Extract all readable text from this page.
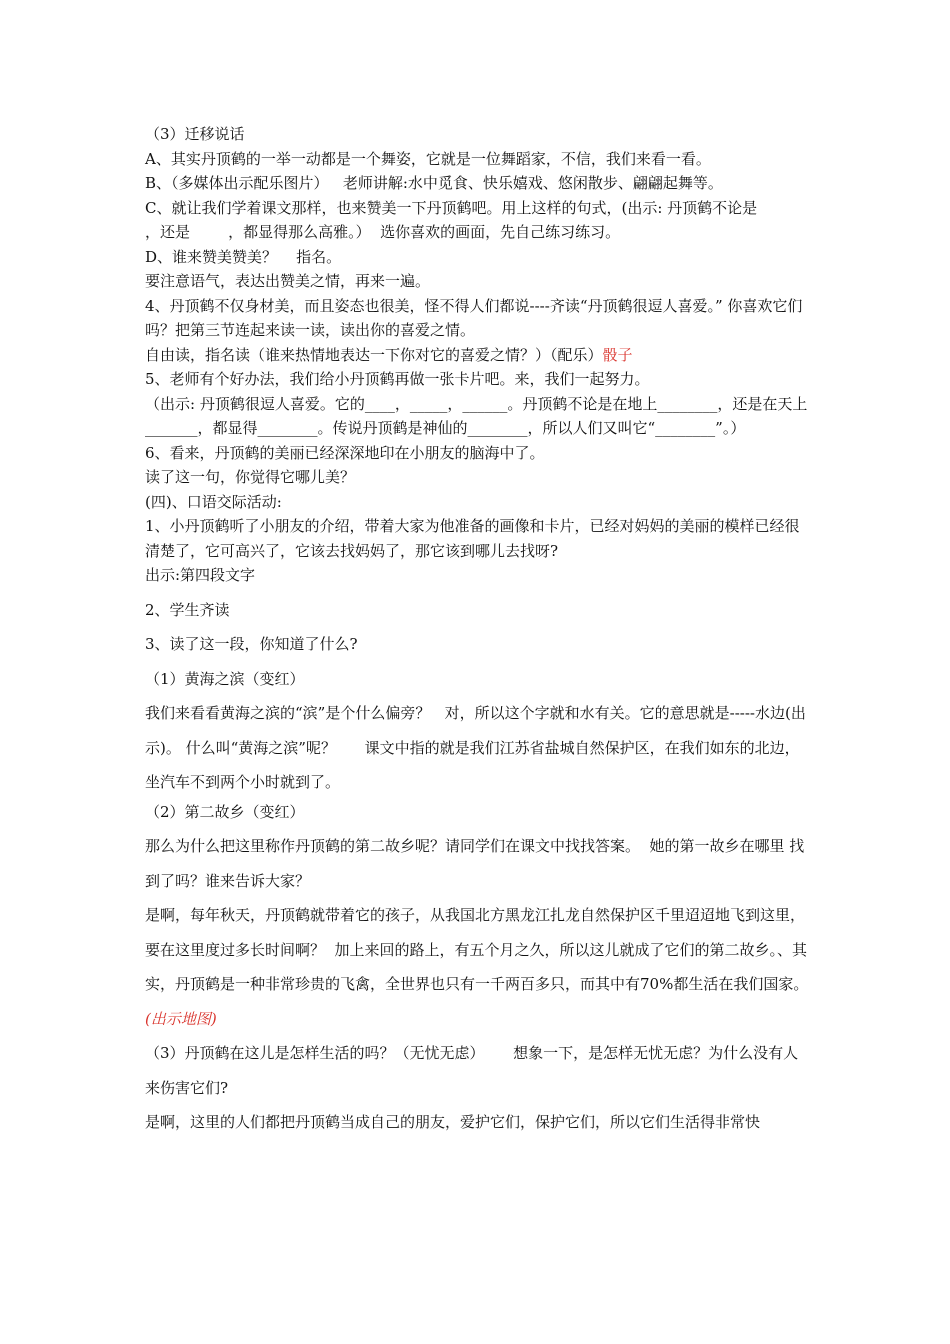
（3）迁移说话

A、其实丹顶鹤的一举一动都是一个舞姿，它就是一位舞蹈家，不信，我们来看一看。

B、（多媒体出示配乐图片）   老师讲解:水中觅食、快乐嬉戏、悠闲散步、翩翩起舞等。

C、就让我们学着课文那样，也来赞美一下丹顶鹤吧。用上这样的句式，(出示: 丹顶鹤不论是        ，还是        ，都显得那么高雅。）  选你喜欢的画面，先自己练习练习。

D、谁来赞美赞美？    指名。

要注意语气，表达出赞美之情，再来一遍。

4、丹顶鹤不仅身材美，而且姿态也很美，怪不得人们都说----齐读“丹顶鹤很逗人喜爱。” 你喜欢它们吗？把第三节连起来读一读，读出你的喜爱之情。

自由读，指名读（谁来热情地表达一下你对它的喜爱之情？）（配乐）骰子

5、老师有个好办法，我们给小丹顶鹤再做一张卡片吧。来，我们一起努力。

（出示: 丹顶鹤很逗人喜爱。它的____，_____，______。丹顶鹤不论是在地上________，还是在天上_______，都显得________。传说丹顶鹤是神仙的________，所以人们又叫它“________”。）

6、看来，丹顶鹤的美丽已经深深地印在小朋友的脑海中了。

读了这一句，你觉得它哪儿美？

(四)、口语交际活动:

1、小丹顶鹤听了小朋友的介绍，带着大家为他准备的画像和卡片，已经对妈妈的美丽的模样已经很清楚了，它可高兴了，它该去找妈妈了，那它该到哪儿去找呀?

出示:第四段文字

2、学生齐读

3、读了这一段，你知道了什么?

（1）黄海之滨（变红）

我们来看看黄海之滨的“滨”是个什么偏旁？   对，所以这个字就和水有关。它的意思就是-----水边(出示)。 什么叫“黄海之滨”呢？      课文中指的就是我们江苏省盐城自然保护区，在我们如东的北边，坐汽车不到两个小时就到了。

（2）第二故乡（变红）

那么为什么把这里称作丹顶鹤的第二故乡呢？请同学们在课文中找找答案。  她的第一故乡在哪里 找到了吗？谁来告诉大家？

是啊，每年秋天，丹顶鹤就带着它的孩子，从我国北方黑龙江扎龙自然保护区千里迢迢地飞到这里，要在这里度过多长时间啊？  加上来回的路上，有五个月之久，所以这儿就成了它们的第二故乡。、其实，丹顶鹤是一种非常珍贵的飞禽，全世界也只有一千两百多只，而其中有70%都生活在我们国家。(出示地图)

（3）丹顶鹤在这儿是怎样生活的吗？（无忧无虑）      想象一下，是怎样无忧无虑？为什么没有人来伤害它们?

是啊，这里的人们都把丹顶鹤当成自己的朋友，爱护它们，保护它们，所以它们生活得非常快
